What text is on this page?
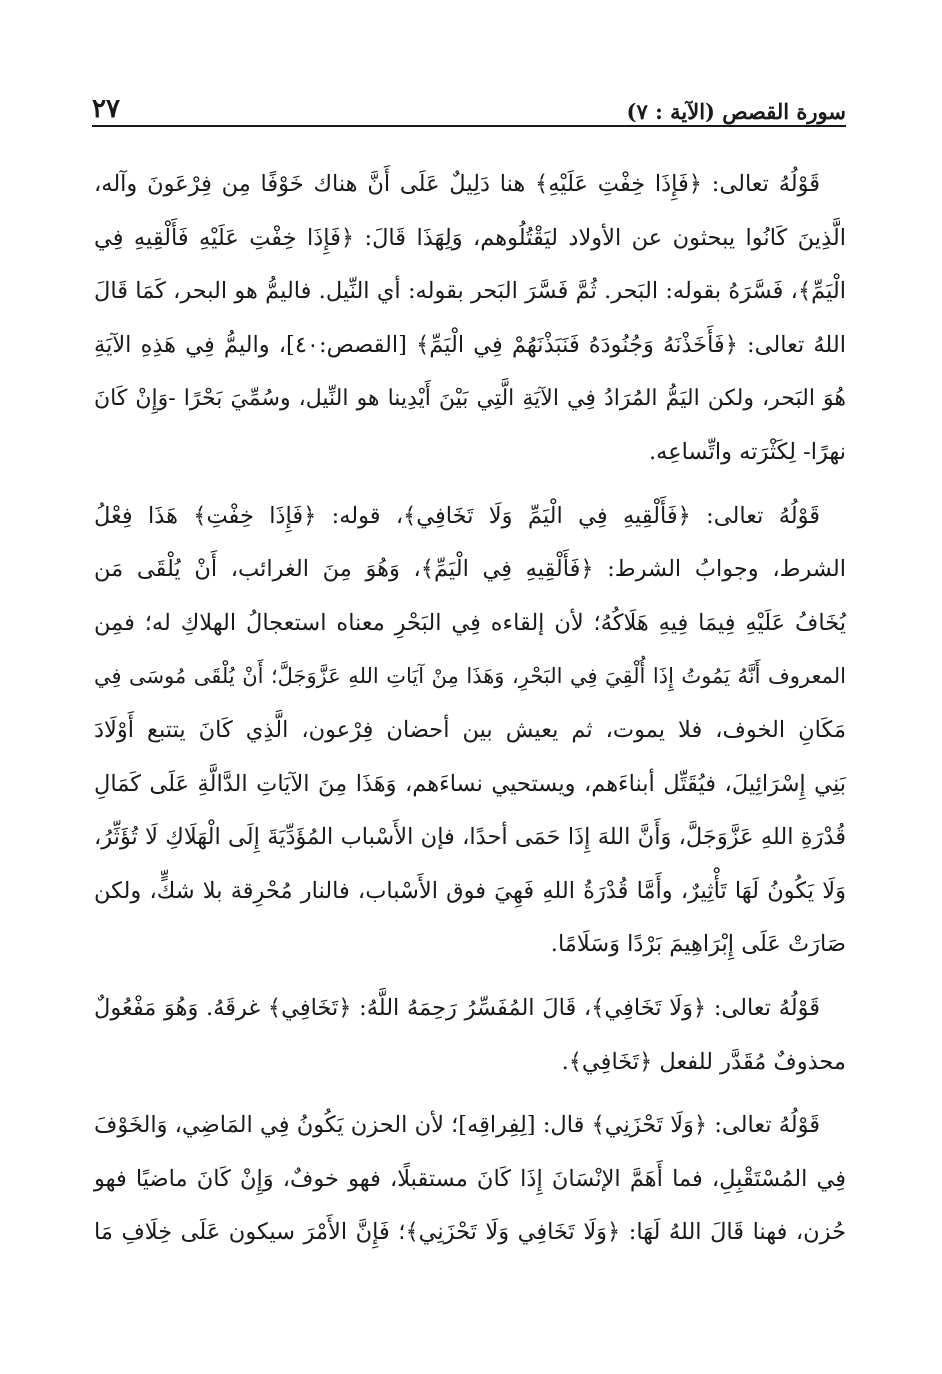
سورة القصص (الآية : ٧)
٢٧

قَوْلُهُ تعالى: ﴿فَإِذَا خِفْتِ عَلَيْهِ﴾ هنا دَلِيلٌ عَلَى أَنَّ هناك خَوْفًا مِن فِرْعَونَ وآله،
الَّذِينَ كَانُوا يبحثون عن الأولاد ليَقْتُلُوهم، وَلِهَذَا قَالَ: ﴿فَإِذَا خِفْتِ عَلَيْهِ فَأَلْقِيهِ فِي
الْيَمِّ﴾، فَسَّرَهُ بقوله: البَحر. ثُمَّ فَسَّرَ البَحر بقوله: أي النِّيل. فاليمُّ هو البحر، كَمَا قَالَ
اللهُ تعالى: ﴿فَأَخَذْنَهُ وَجُنُودَهُ فَنَبَذْنَهُمْ فِي الْيَمِّ﴾ [القصص:٤٠]، واليمُّ فِي هَذِهِ الآيَةِ
هُوَ البَحر، ولكن اليَمُّ المُرَادُ فِي الآيَةِ الَّتِي بَيْنَ أَيْدِينا هو النِّيل، وسُمِّيَ بَحْرًا -وَإِنْ كَانَ
نهرًا- لِكَثْرَته واتِّساعِه.

قَوْلُهُ تعالى: ﴿فَأَلْقِيهِ فِي الْيَمِّ وَلَا تَخَافِي﴾، قوله: ﴿فَإِذَا خِفْتِ﴾ هَذَا فِعْلُ
الشرط، وجوابُ الشرط: ﴿فَأَلْقِيهِ فِي الْيَمِّ﴾، وَهُوَ مِنَ الغرائب، أَنْ يُلْقَى مَن
يُخَافُ عَلَيْهِ فِيمَا فِيهِ هَلَاكُهُ؛ لأن إلقاءه فِي البَحْرِ معناه استعجالُ الهلاكِ له؛ فمِن
المعروف أَنَّهُ يَمُوتُ إِذَا أُلْقِيَ فِي البَحْرِ، وَهَذَا مِنْ آيَاتِ اللهِ عَزَّوَجَلَّ؛ أَنْ يُلْقَى مُوسَى فِي
مَكَانِ الخوف، فلا يموت، ثم يعيش بين أحضان فِرْعون، الَّذِي كَانَ يتتبع أَوْلَادَ
بَنِي إِسْرَائِيلَ، فيُقَتِّل أبناءَهم، ويستحيي نساءَهم، وَهَذَا مِنَ الآيَاتِ الدَّالَّةِ عَلَى كَمَالِ
قُدْرَةِ اللهِ عَزَّوَجَلَّ، وَأَنَّ اللهَ إِذَا حَمَى أحدًا، فإن الأَسْباب المُؤَدِّيَةَ إِلَى الْهَلَاكِ لَا تُؤَثِّرُ،
وَلَا يَكُونُ لَهَا تَأْثِيرٌ، وأَمَّا قُدْرَةُ اللهِ فَهِيَ فوق الأَسْباب، فالنار مُحْرِقة بلا شكٍّ، ولكن
صَارَتْ عَلَى إِبْرَاهِيمَ بَرْدًا وَسَلَامًا.

قَوْلُهُ تعالى: ﴿وَلَا تَخَافِي﴾، قَالَ المُفَسِّرُ رَحِمَهُ اللَّهُ: ﴿تَخَافِي﴾ غرقَهُ. وَهُوَ مَفْعُولٌ
محذوفٌ مُقَدَّر للفعل ﴿تَخَافِي﴾.

قَوْلُهُ تعالى: ﴿وَلَا تَحْزَنِي﴾ قال: [لِفِراقِه]؛ لأن الحزن يَكُونُ فِي المَاضِي، وَالخَوْفَ
فِي المُسْتَقْبِلِ، فما أَهَمَّ الإنْسَانَ إِذَا كَانَ مستقبلًا، فهو خوفٌ، وَإِنْ كَانَ ماضيًا فهو
حُزن، فهنا قَالَ اللهُ لَهَا: ﴿وَلَا تَخَافِي وَلَا تَحْزَنِي﴾؛ فَإِنَّ الأَمْرَ سيكون عَلَى خِلَافِ مَا
